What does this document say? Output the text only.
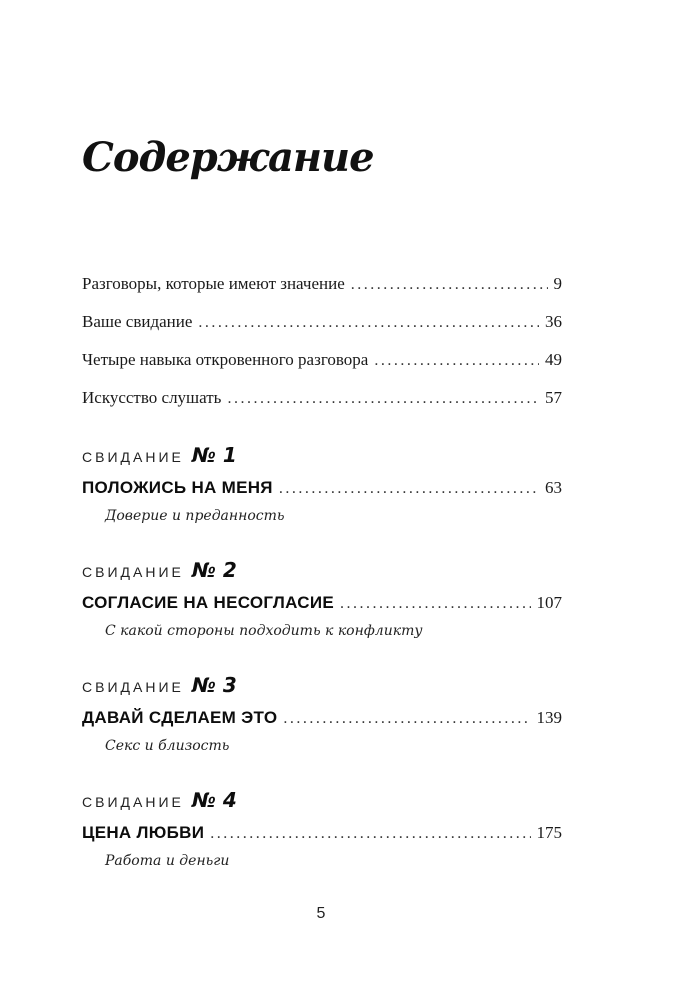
Содержание
Разговоры, которые имеют значение .....	9
Ваше свидание .....	36
Четыре навыка откровенного разговора .....	49
Искусство слушать .....	57
СВИДАНИЕ № 1
ПОЛОЖИСЬ НА МЕНЯ .....	63
Доверие и преданность
СВИДАНИЕ № 2
СОГЛАСИЕ НА НЕСОГЛАСИЕ .....	107
С какой стороны подходить к конфликту
СВИДАНИЕ № 3
ДАВАЙ СДЕЛАЕМ ЭТО .....	139
Секс и близость
СВИДАНИЕ № 4
ЦЕНА ЛЮБВИ .....	175
Работа и деньги
5
